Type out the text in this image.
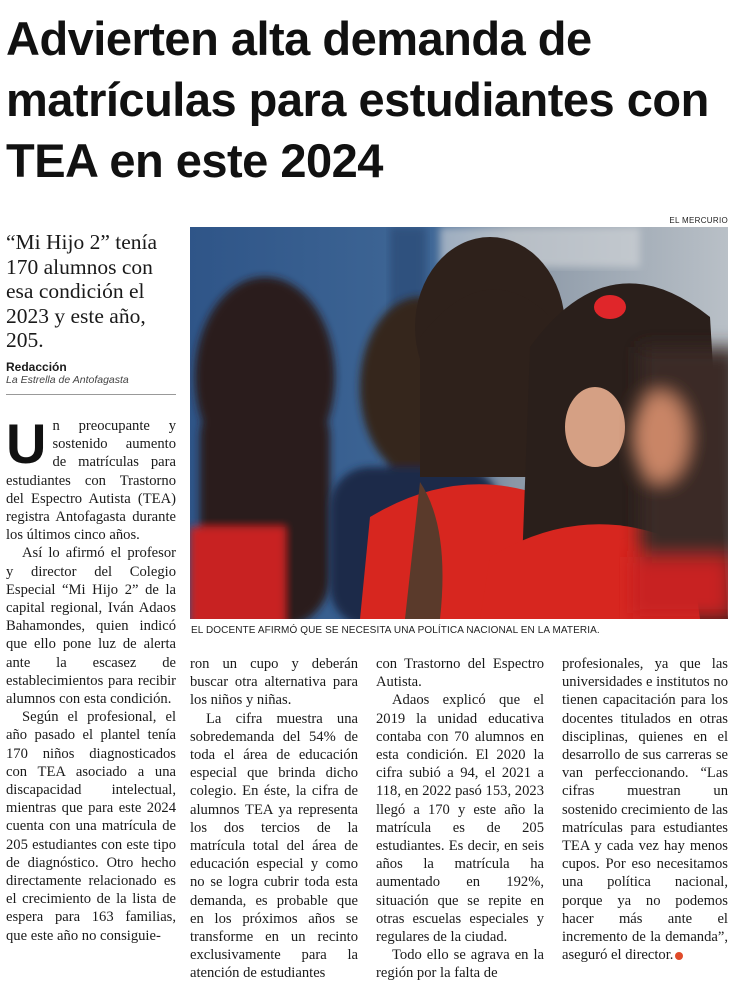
Advierten alta demanda de matrículas para estudiantes con TEA en este 2024
EL MERCURIO
EL DOCENTE AFIRMÓ QUE SE NECESITA UNA POLÍTICA NACIONAL EN LA MATERIA.
“Mi Hijo 2” tenía 170 alumnos con esa condición el 2023 y este año, 205.
Redacción
La Estrella de Antofagasta

Un preocupante y sostenido aumento de matrículas para estudiantes con Trastorno del Espectro Autista (TEA) registra Antofagasta durante los últimos cinco años.

Así lo afirmó el profesor y director del Colegio Especial “Mi Hijo 2” de la capital regional, Iván Adaos Bahamondes, quien indicó que ello pone luz de alerta ante la escasez de establecimientos para recibir alumnos con esta condición.

Según el profesional, el año pasado el plantel tenía 170 niños diagnosticados con TEA asociado a una discapacidad intelectual, mientras que para este 2024 cuenta con una matrícula de 205 estudiantes con este tipo de diagnóstico. Otro hecho directamente relacionado es el crecimiento de la lista de espera para 163 familias, que este año no consiguie-

ron un cupo y deberán buscar otra alternativa para los niños y niñas.

La cifra muestra una sobredemanda del 54% de toda el área de educación especial que brinda dicho colegio. En éste, la cifra de alumnos TEA ya representa los dos tercios de la matrícula total del área de educación especial y como no se logra cubrir toda esta demanda, es probable que en los próximos años se transforme en un recinto exclusivamente para la atención de estudiantes

con Trastorno del Espectro Autista.

Adaos explicó que el 2019 la unidad educativa contaba con 70 alumnos en esta condición. El 2020 la cifra subió a 94, el 2021 a 118, en 2022 pasó 153, 2023 llegó a 170 y este año la matrícula es de 205 estudiantes. Es decir, en seis años la matrícula ha aumentado en 192%, situación que se repite en otras escuelas especiales y regulares de la ciudad.

Todo ello se agrava en la región por la falta de

profesionales, ya que las universidades e institutos no tienen capacitación para los docentes titulados en otras disciplinas, quienes en el desarrollo de sus carreras se van perfeccionando. “Las cifras muestran un sostenido crecimiento de las matrículas para estudiantes TEA y cada vez hay menos cupos. Por eso necesitamos una política nacional, porque ya no podemos hacer más ante el incremento de la demanda”, aseguró el director.
